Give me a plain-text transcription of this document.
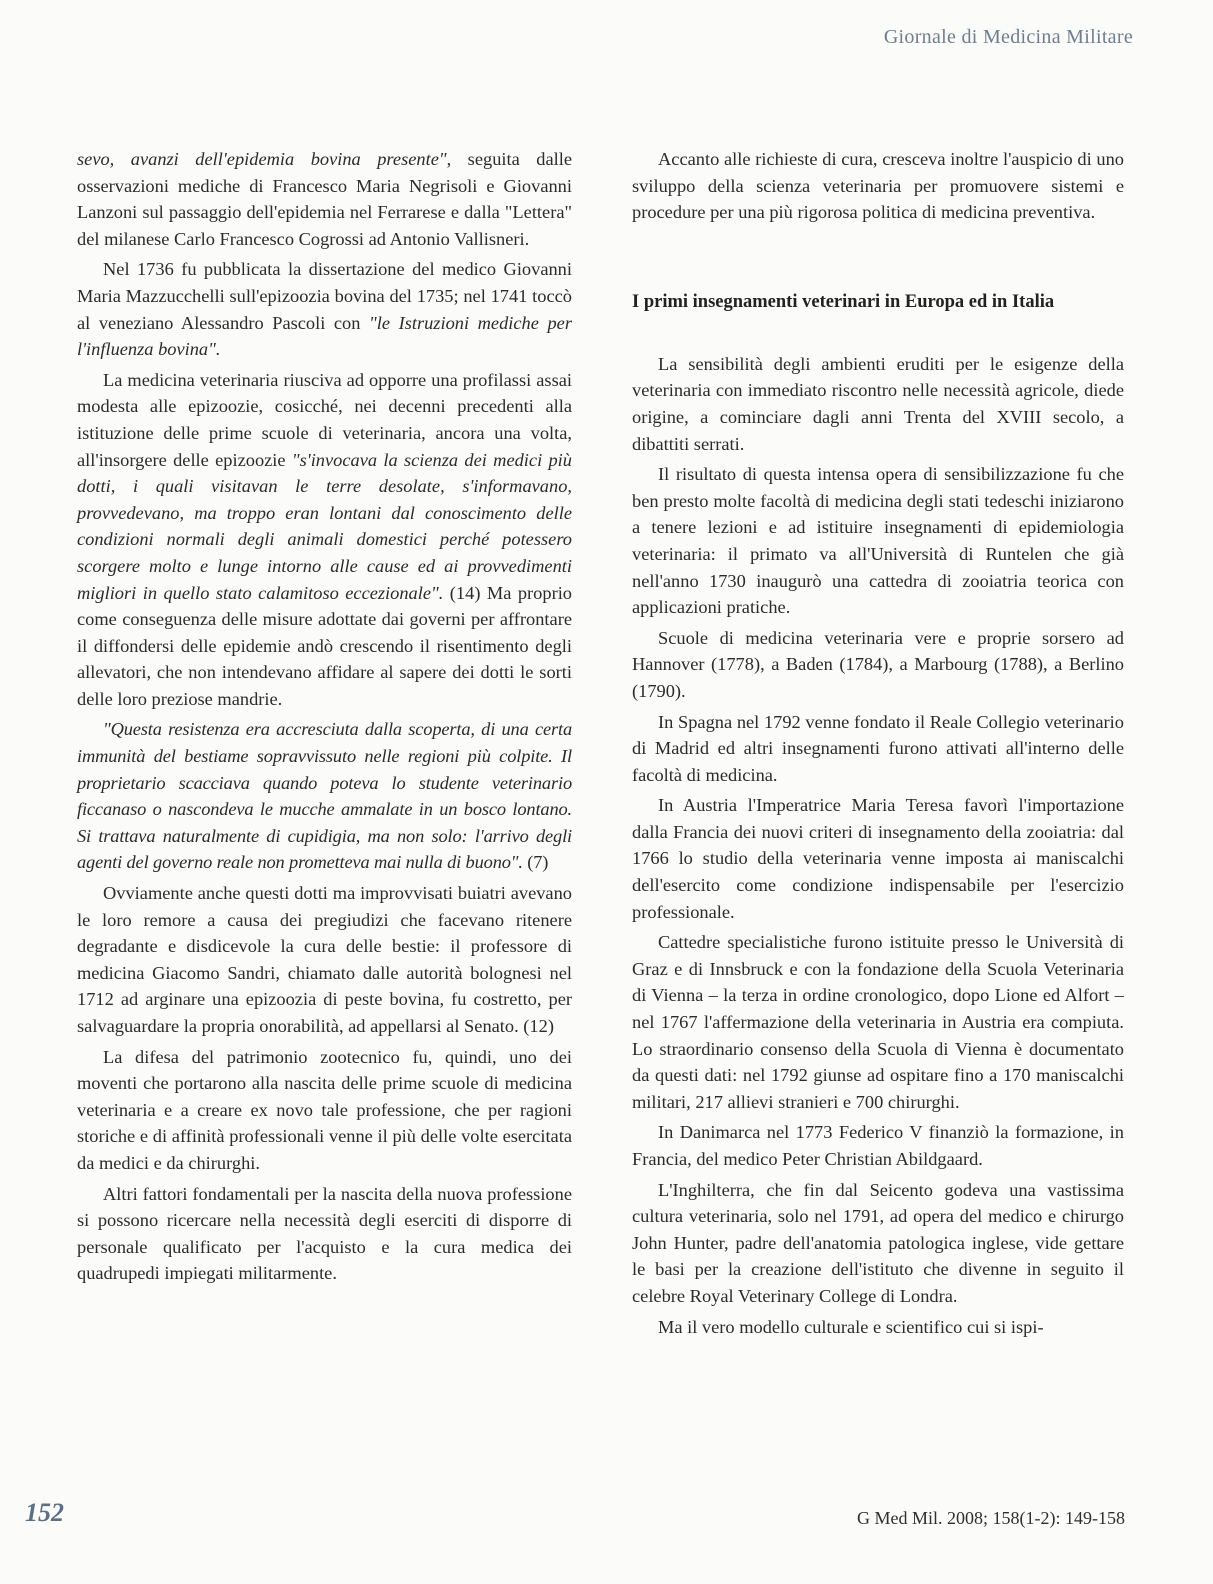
Giornale di Medicina Militare

sevo, avanzi dell'epidemia bovina presente", seguita dalle osservazioni mediche di Francesco Maria Negrisoli e Giovanni Lanzoni sul passaggio dell'epidemia nel Ferrarese e dalla "Lettera" del milanese Carlo Francesco Cogrossi ad Antonio Vallisneri.

Nel 1736 fu pubblicata la dissertazione del medico Giovanni Maria Mazzucchelli sull'epizoozia bovina del 1735; nel 1741 toccò al veneziano Alessandro Pascoli con "le Istruzioni mediche per l'influenza bovina".

La medicina veterinaria riusciva ad opporre una profilassi assai modesta alle epizoozie, cosicché, nei decenni precedenti alla istituzione delle prime scuole di veterinaria, ancora una volta, all'insorgere delle epizoozie "s'invocava la scienza dei medici più dotti, i quali visitavan le terre desolate, s'informavano, provvedevano, ma troppo eran lontani dal conoscimento delle condizioni normali degli animali domestici perché potessero scorgere molto e lunge intorno alle cause ed ai provvedimenti migliori in quello stato calamitoso eccezionale". (14) Ma proprio come conseguenza delle misure adottate dai governi per affrontare il diffondersi delle epidemie andò crescendo il risentimento degli allevatori, che non intendevano affidare al sapere dei dotti le sorti delle loro preziose mandrie.

"Questa resistenza era accresciuta dalla scoperta, di una certa immunità del bestiame sopravvissuto nelle regioni più colpite. Il proprietario scacciava quando poteva lo studente veterinario ficcanaso o nascondeva le mucche ammalate in un bosco lontano. Si trattava naturalmente di cupidigia, ma non solo: l'arrivo degli agenti del governo reale non prometteva mai nulla di buono". (7)

Ovviamente anche questi dotti ma improvvisati buiatri avevano le loro remore a causa dei pregiudizi che facevano ritenere degradante e disdicevole la cura delle bestie: il professore di medicina Giacomo Sandri, chiamato dalle autorità bolognesi nel 1712 ad arginare una epizoozia di peste bovina, fu costretto, per salvaguardare la propria onorabilità, ad appellarsi al Senato. (12)

La difesa del patrimonio zootecnico fu, quindi, uno dei moventi che portarono alla nascita delle prime scuole di medicina veterinaria e a creare ex novo tale professione, che per ragioni storiche e di affinità professionali venne il più delle volte esercitata da medici e da chirurghi.

Altri fattori fondamentali per la nascita della nuova professione si possono ricercare nella necessità degli eserciti di disporre di personale qualificato per l'acquisto e la cura medica dei quadrupedi impiegati militarmente.

Accanto alle richieste di cura, cresceva inoltre l'auspicio di uno sviluppo della scienza veterinaria per promuovere sistemi e procedure per una più rigorosa politica di medicina preventiva.

I primi insegnamenti veterinari in Europa ed in Italia

La sensibilità degli ambienti eruditi per le esigenze della veterinaria con immediato riscontro nelle necessità agricole, diede origine, a cominciare dagli anni Trenta del XVIII secolo, a dibattiti serrati.

Il risultato di questa intensa opera di sensibilizzazione fu che ben presto molte facoltà di medicina degli stati tedeschi iniziarono a tenere lezioni e ad istituire insegnamenti di epidemiologia veterinaria: il primato va all'Università di Runtelen che già nell'anno 1730 inaugurò una cattedra di zooiatria teorica con applicazioni pratiche.

Scuole di medicina veterinaria vere e proprie sorsero ad Hannover (1778), a Baden (1784), a Marbourg (1788), a Berlino (1790).

In Spagna nel 1792 venne fondato il Reale Collegio veterinario di Madrid ed altri insegnamenti furono attivati all'interno delle facoltà di medicina.

In Austria l'Imperatrice Maria Teresa favorì l'importazione dalla Francia dei nuovi criteri di insegnamento della zooiatria: dal 1766 lo studio della veterinaria venne imposta ai maniscalchi dell'esercito come condizione indispensabile per l'esercizio professionale.

Cattedre specialistiche furono istituite presso le Università di Graz e di Innsbruck e con la fondazione della Scuola Veterinaria di Vienna – la terza in ordine cronologico, dopo Lione ed Alfort – nel 1767 l'affermazione della veterinaria in Austria era compiuta. Lo straordinario consenso della Scuola di Vienna è documentato da questi dati: nel 1792 giunse ad ospitare fino a 170 maniscalchi militari, 217 allievi stranieri e 700 chirurghi.

In Danimarca nel 1773 Federico V finanziò la formazione, in Francia, del medico Peter Christian Abildgaard.

L'Inghilterra, che fin dal Seicento godeva una vastissima cultura veterinaria, solo nel 1791, ad opera del medico e chirurgo John Hunter, padre dell'anatomia patologica inglese, vide gettare le basi per la creazione dell'istituto che divenne in seguito il celebre Royal Veterinary College di Londra.

Ma il vero modello culturale e scientifico cui si ispi-

152	G Med Mil. 2008; 158(1-2): 149-158
